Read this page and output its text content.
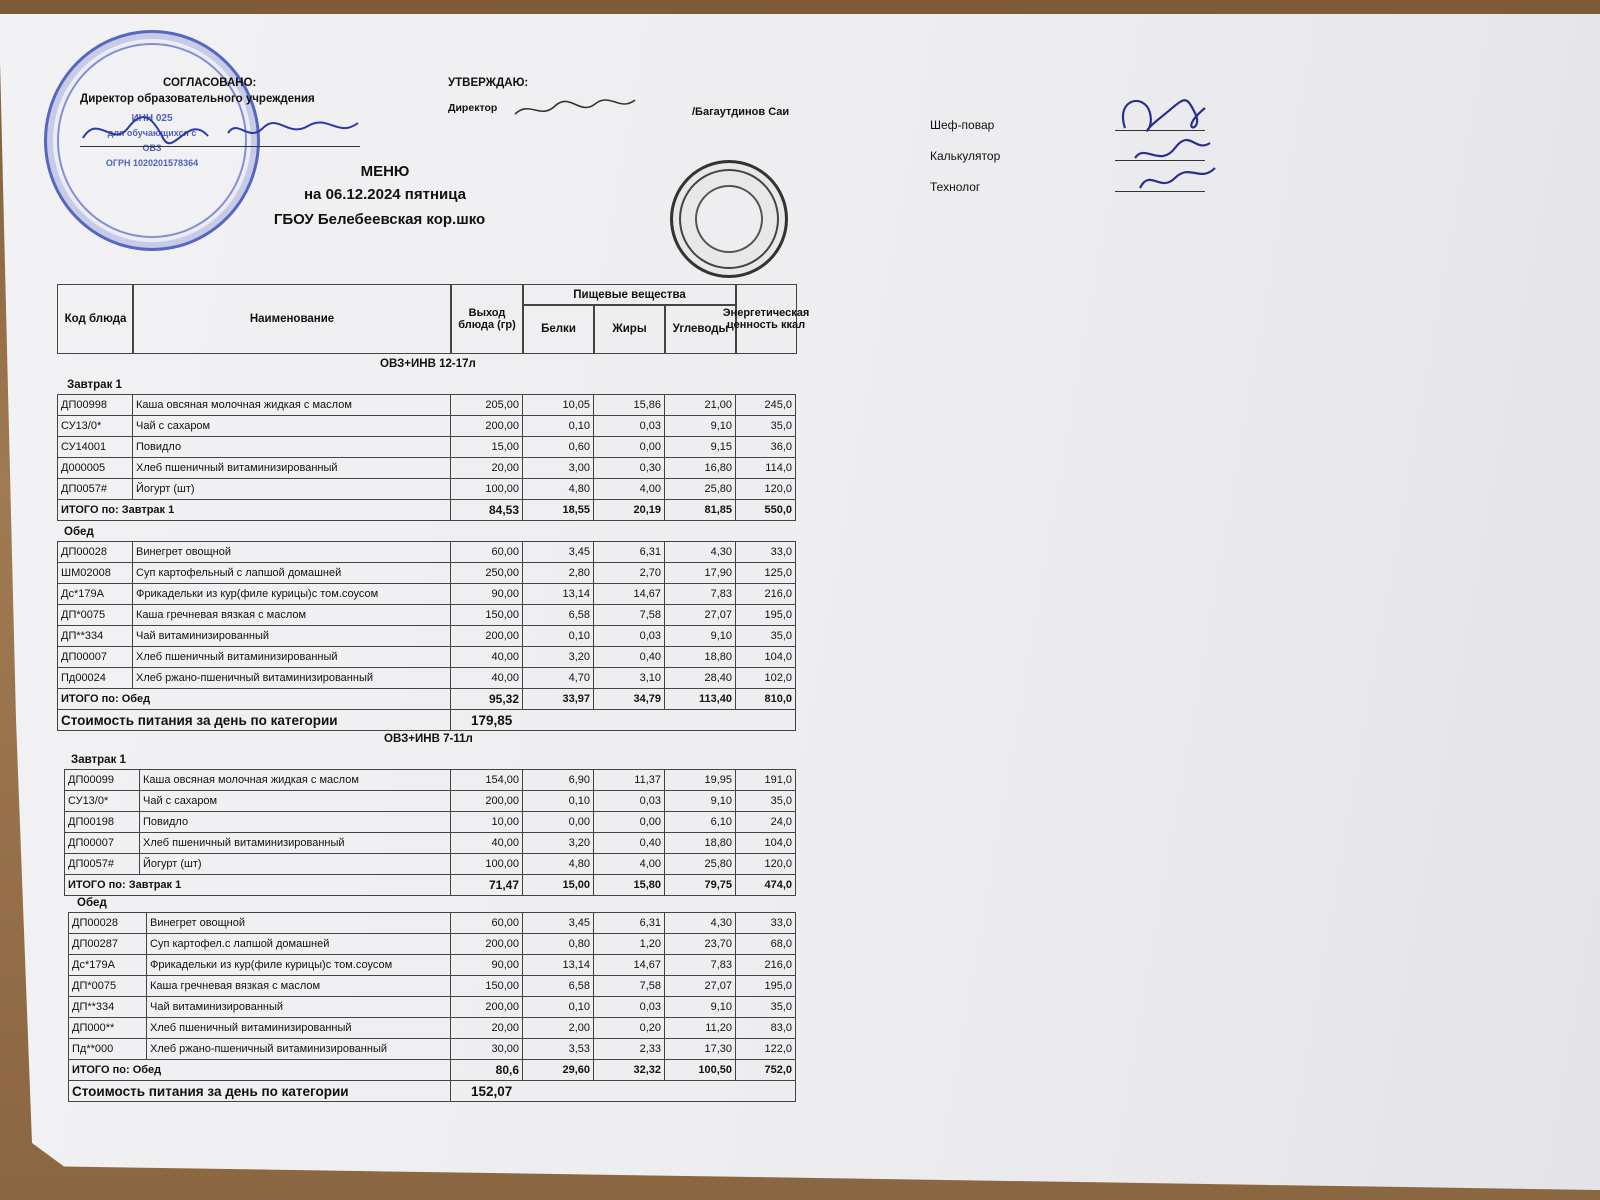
ИНН 025
для обучающихся с ОВЗ
ОГРН 1020201578364
СОГЛАСОВАНО:
Директор образовательного учреждения
УТВЕРЖДАЮ:
Директор	/Багаутдинов Саи
МЕНЮ
на 06.12.2024 пятница
ГБОУ Белебеевская кор.шко
Шеф-повар
Калькулятор
Технолог
Код блюда	Наименование	Выход блюда (гр)
Пищевые вещества
Белки	Жиры	Углеводы
Энергетическая ценность ккал
ОВЗ+ИНВ 12-17л
Завтрак 1
ДП00998	Каша овсяная молочная жидкая с маслом	205,00	10,05	15,86	21,00	245,0
СУ13/0*	Чай с сахаром	200,00	0,10	0,03	9,10	35,0
СУ14001	Повидло	15,00	0,60	0,00	9,15	36,0
Д000005	Хлеб пшеничный витаминизированный	20,00	3,00	0,30	16,80	114,0
ДП0057#	Йогурт (шт)	100,00	4,80	4,00	25,80	120,0
ИТОГО по: Завтрак 1		84,53	18,55	20,19	81,85	550,0
Обед
ДП00028	Винегрет овощной	60,00	3,45	6,31	4,30	33,0
ШМ02008	Суп картофельный с лапшой домашней	250,00	2,80	2,70	17,90	125,0
Дс*179А	Фрикадельки из кур(филе курицы)с том.соусом	90,00	13,14	14,67	7,83	216,0
ДП*0075	Каша гречневая вязкая с маслом	150,00	6,58	7,58	27,07	195,0
ДП**334	Чай витаминизированный	200,00	0,10	0,03	9,10	35,0
ДП00007	Хлеб пшеничный витаминизированный	40,00	3,20	0,40	18,80	104,0
Пд00024	Хлеб ржано-пшеничный витаминизированный	40,00	4,70	3,10	28,40	102,0
ИТОГО по: Обед		95,32	33,97	34,79	113,40	810,0
Стоимость питания за день по категории		179,85				
ОВЗ+ИНВ 7-11л
Завтрак 1
ДП00099	Каша овсяная молочная жидкая с маслом	154,00	6,90	11,37	19,95	191,0
СУ13/0*	Чай с сахаром	200,00	0,10	0,03	9,10	35,0
ДП00198	Повидло	10,00	0,00	0,00	6,10	24,0
ДП00007	Хлеб пшеничный витаминизированный	40,00	3,20	0,40	18,80	104,0
ДП0057#	Йогурт (шт)	100,00	4,80	4,00	25,80	120,0
ИТОГО по: Завтрак 1		71,47	15,00	15,80	79,75	474,0
Обед
ДП00028	Винегрет овощной	60,00	3,45	6,31	4,30	33,0
ДП00287	Суп картофел.с лапшой домашней	200,00	0,80	1,20	23,70	68,0
Дс*179А	Фрикадельки из кур(филе курицы)с том.соусом	90,00	13,14	14,67	7,83	216,0
ДП*0075	Каша гречневая вязкая с маслом	150,00	6,58	7,58	27,07	195,0
ДП**334	Чай витаминизированный	200,00	0,10	0,03	9,10	35,0
ДП000**	Хлеб пшеничный витаминизированный	20,00	2,00	0,20	11,20	83,0
Пд**000	Хлеб ржано-пшеничный витаминизированный	30,00	3,53	2,33	17,30	122,0
ИТОГО по: Обед		80,6	29,60	32,32	100,50	752,0
Стоимость питания за день по категории		152,07				
